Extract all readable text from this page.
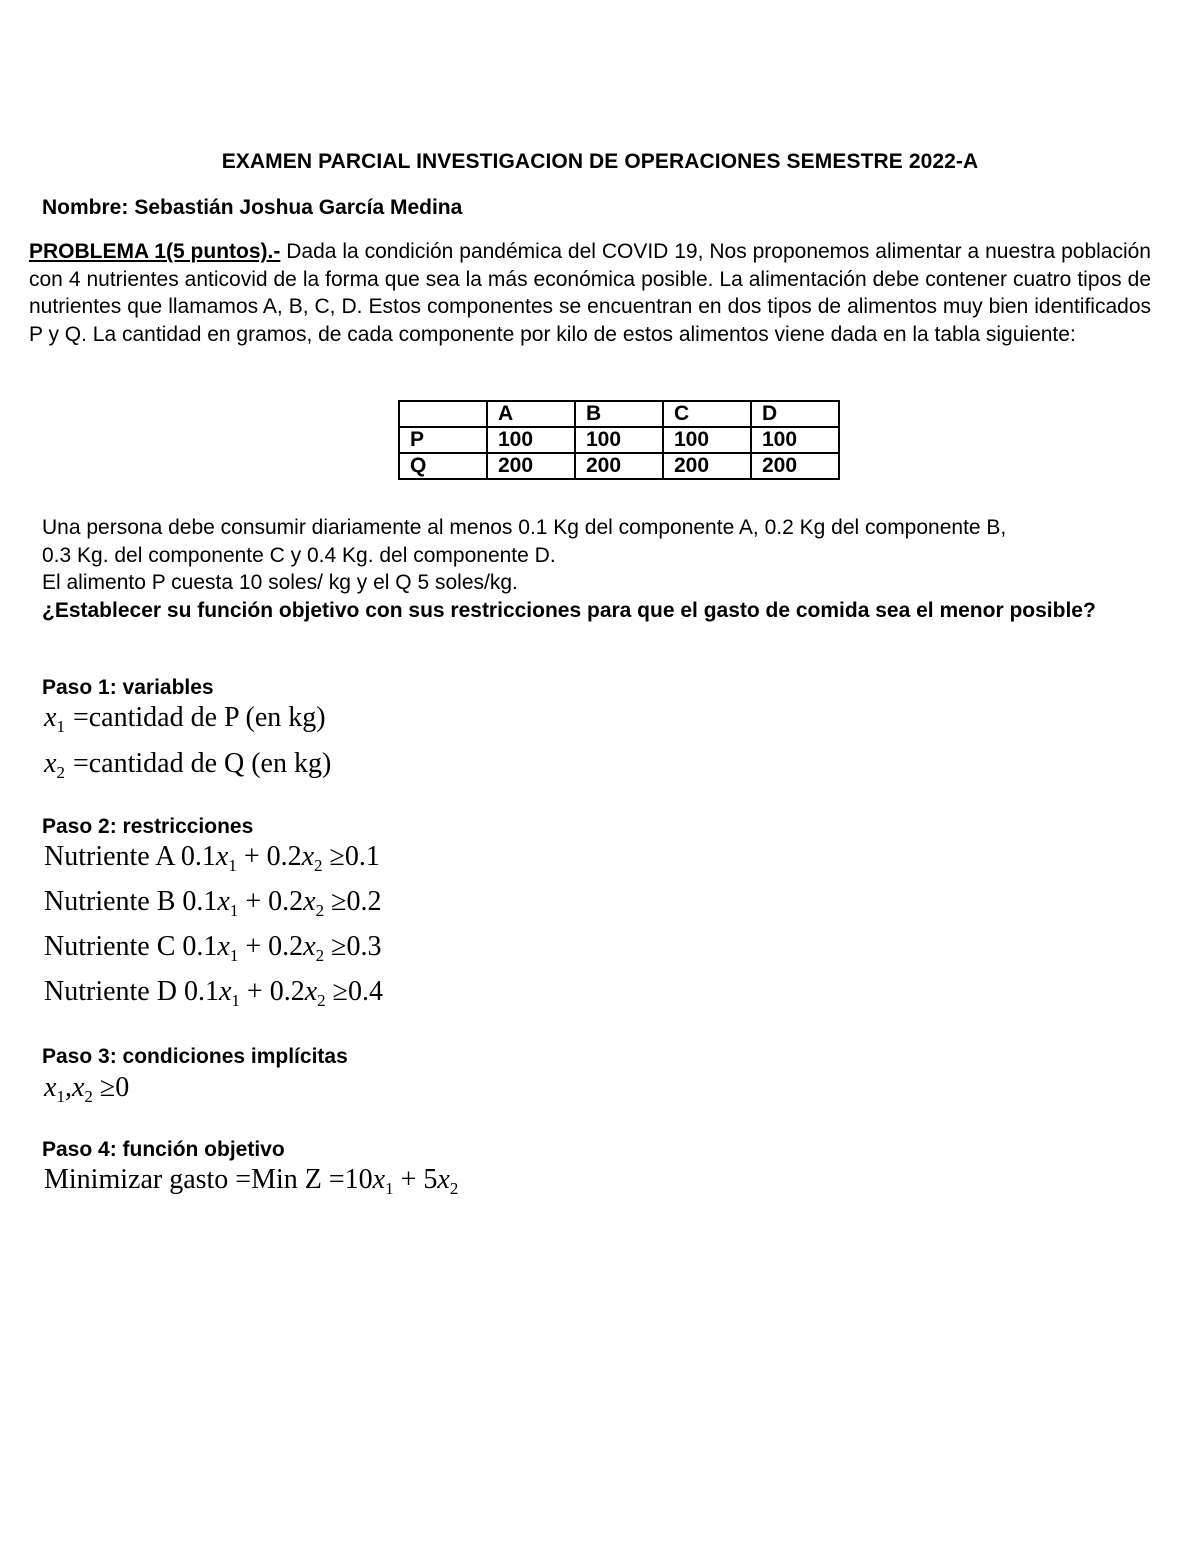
EXAMEN PARCIAL INVESTIGACION DE OPERACIONES SEMESTRE 2022-A
Nombre: Sebastián Joshua García Medina
PROBLEMA 1(5 puntos).- Dada la condición pandémica del COVID 19, Nos proponemos alimentar a nuestra población con 4 nutrientes anticovid de la forma que sea la más económica posible. La alimentación debe contener cuatro tipos de nutrientes que llamamos A, B, C, D. Estos componentes se encuentran en dos tipos de alimentos muy bien identificados P y Q. La cantidad en gramos, de cada componente por kilo de estos alimentos viene dada en la tabla siguiente:
	A	B	C	D
P	100	100	100	100
Q	200	200	200	200
Una persona debe consumir diariamente al menos 0.1 Kg del componente A, 0.2 Kg del componente B,
0.3 Kg. del componente C y 0.4 Kg. del componente D.
El alimento P cuesta 10 soles/ kg y el Q 5 soles/kg.
¿Establecer su función objetivo con sus restricciones para que el gasto de comida sea el menor posible?
Paso 1: variables
$x_1$ =cantidad de P (en kg)
$x_2$ =cantidad de Q (en kg)
Paso 2: restricciones
Nutriente A $0.1x_1 + 0.2x_2 \ge 0.1$
Nutriente B $0.1x_1 + 0.2x_2 \ge 0.2$
Nutriente C $0.1x_1 + 0.2x_2 \ge 0.3$
Nutriente D $0.1x_1 + 0.2x_2 \ge 0.4$
Paso 3: condiciones implícitas
$x_1,x_2 \ge 0$
Paso 4: función objetivo
Minimizar gasto =Min $Z =10x_1 + 5x_2$
